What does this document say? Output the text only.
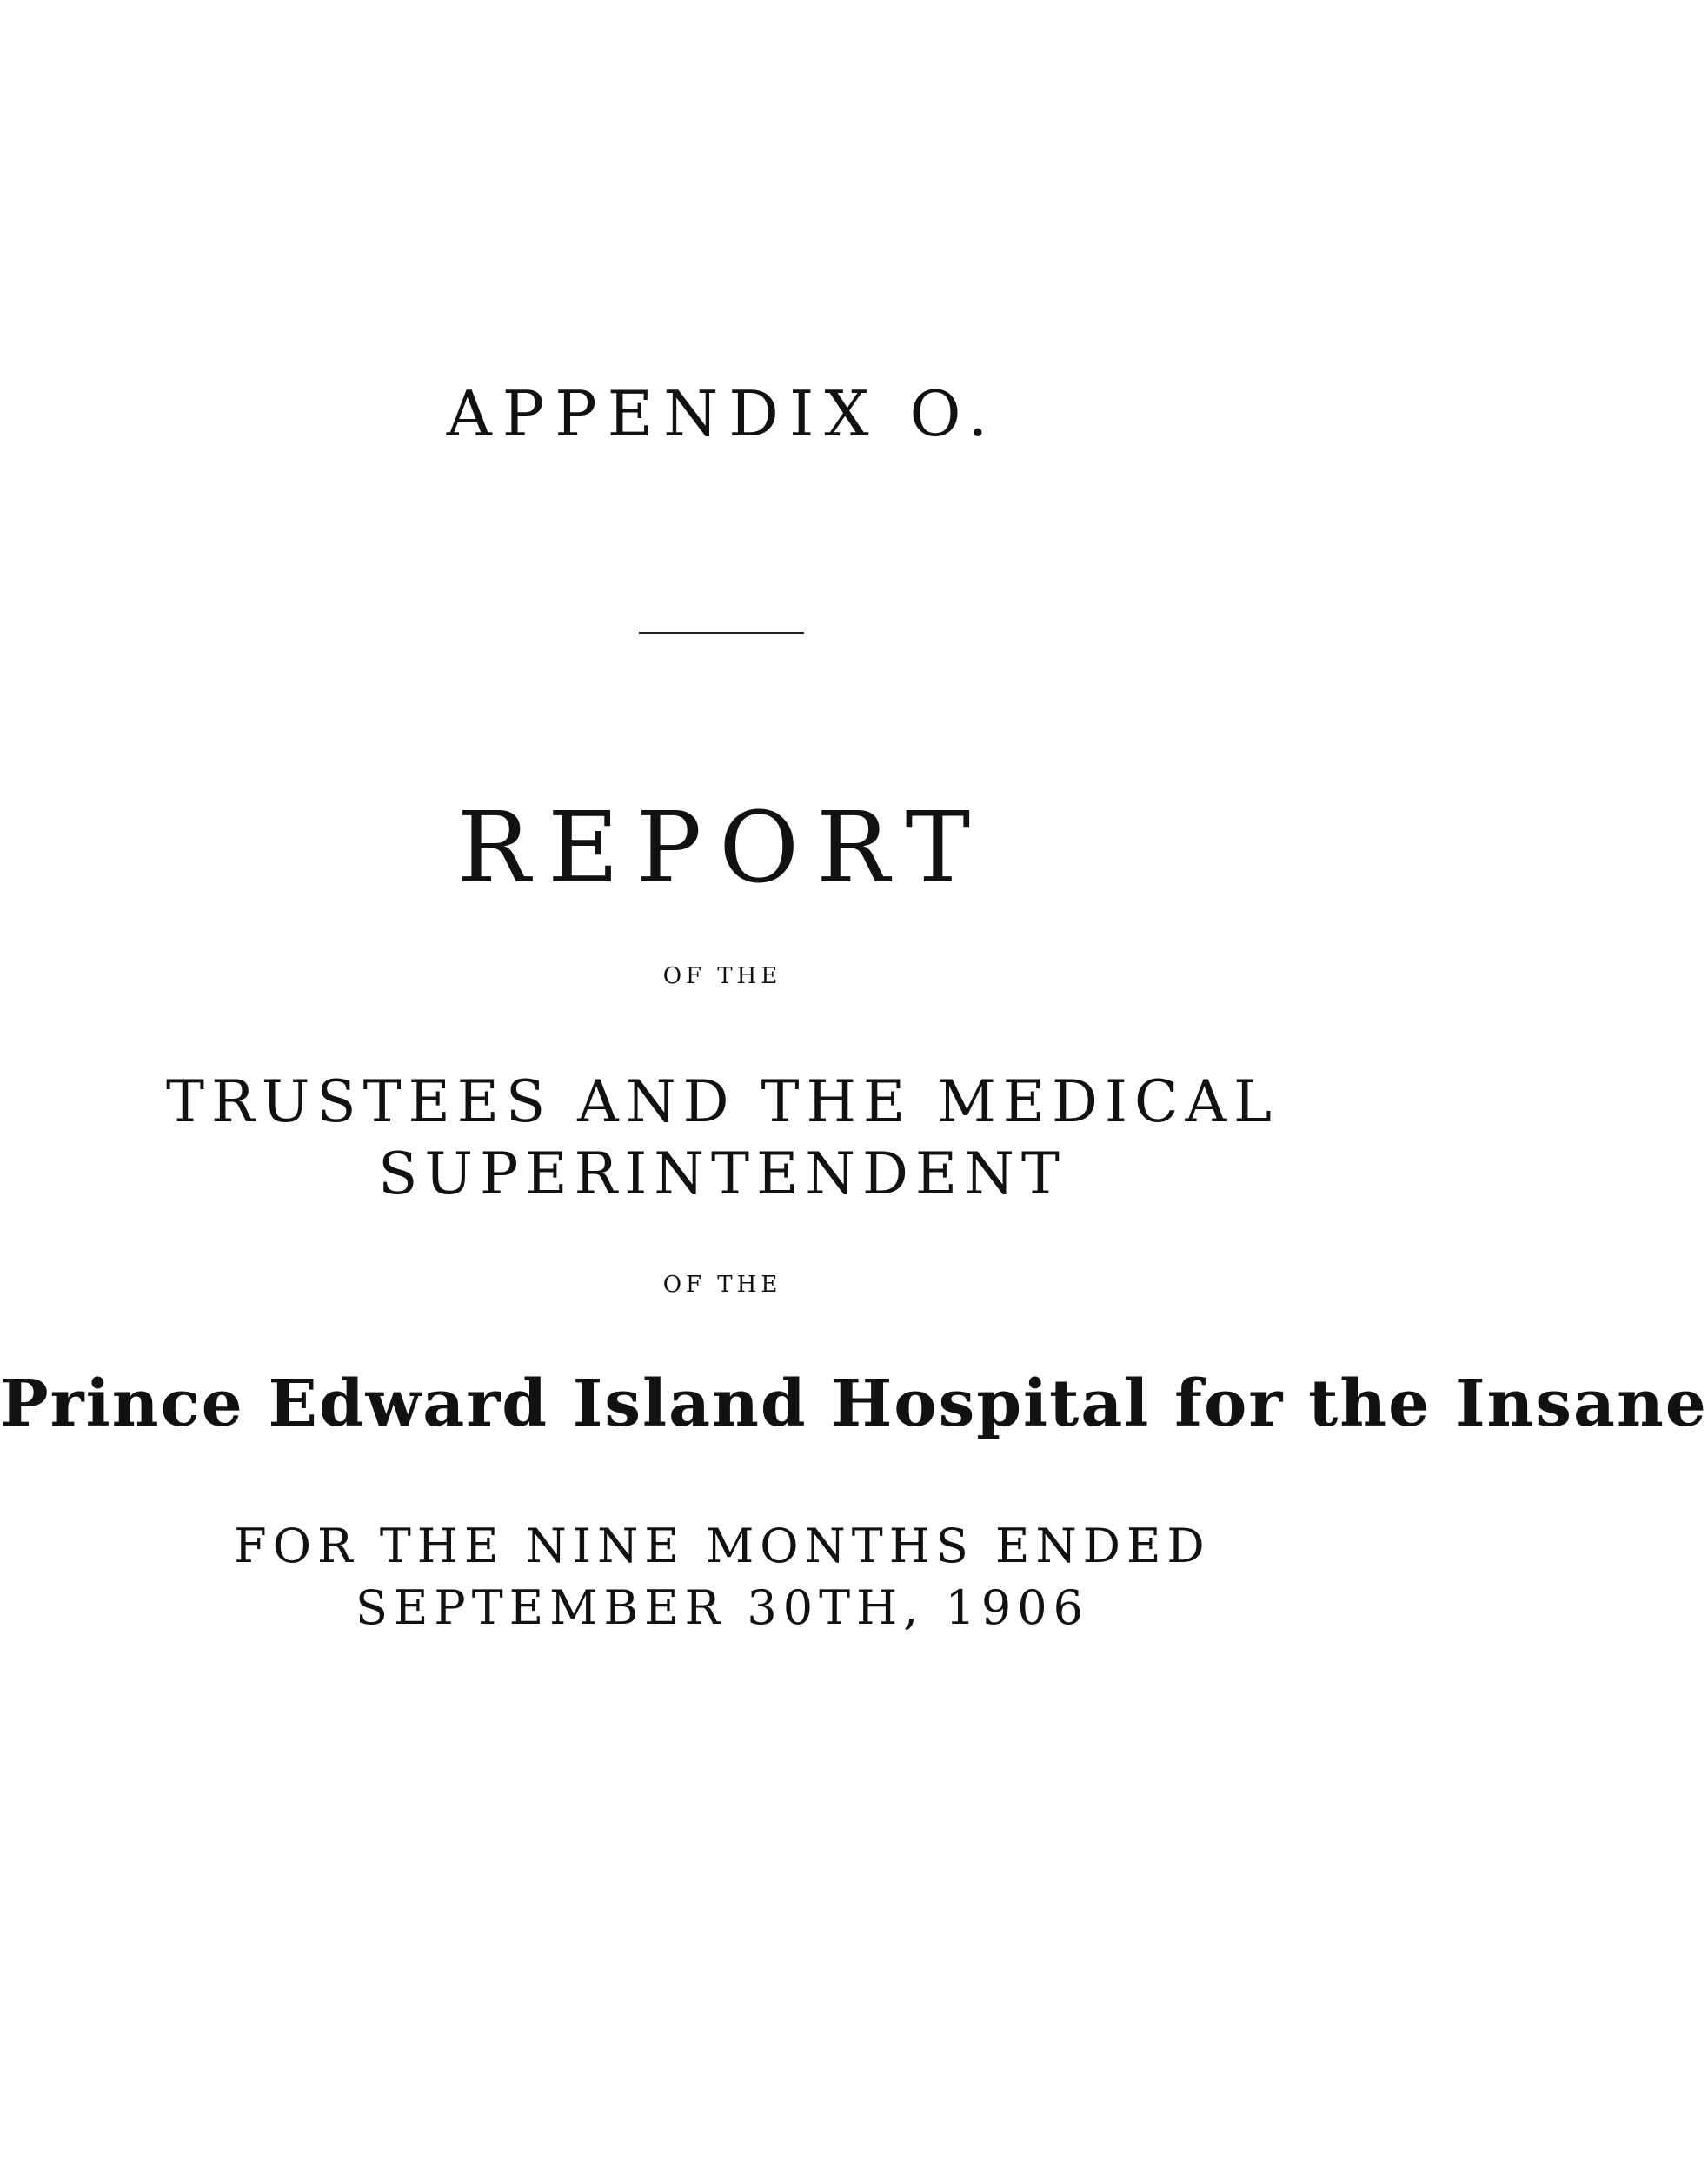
APPENDIX O.
REPORT
OF THE
TRUSTEES AND THE MEDICAL
SUPERINTENDENT
OF THE
Prince Edward Island Hospital for the Insane
FOR THE NINE MONTHS ENDED
SEPTEMBER 30TH, 1906
